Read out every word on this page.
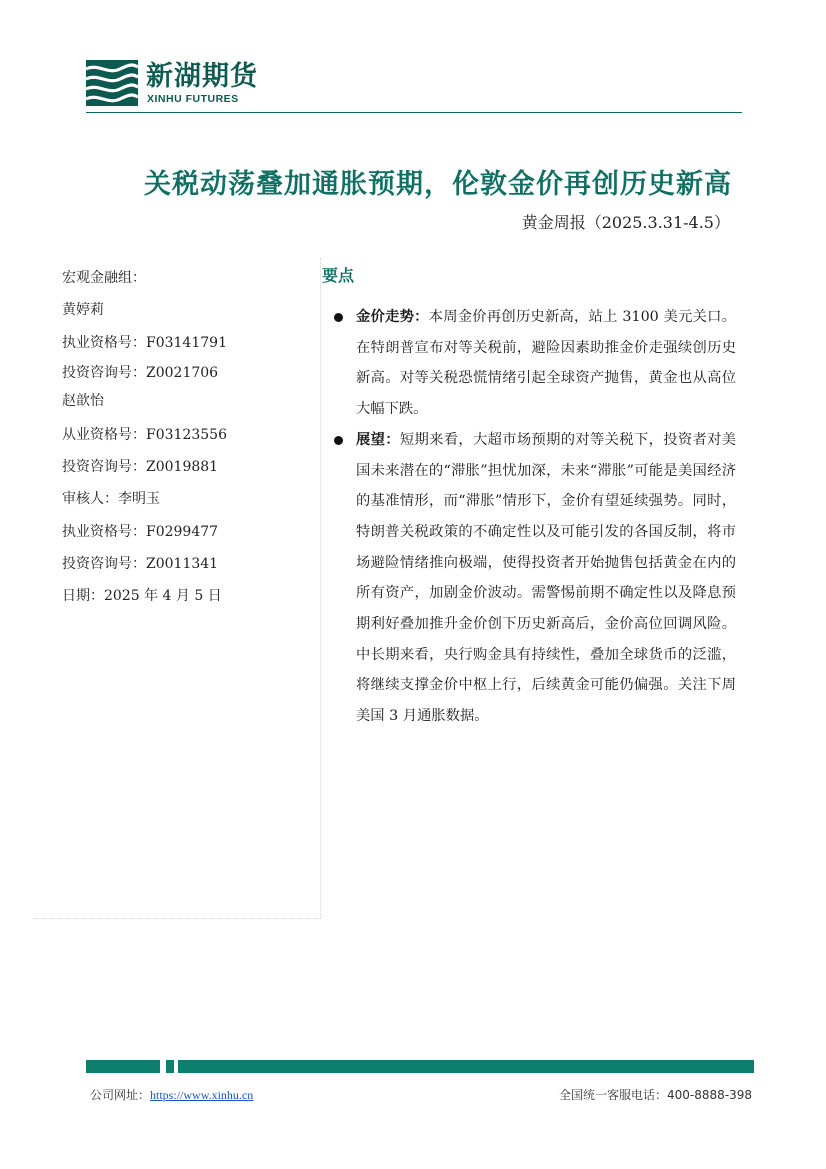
新湖期货
XINHU FUTURES
关税动荡叠加通胀预期，伦敦金价再创历史新高
黄金周报（2025.3.31-4.5）
宏观金融组：
黄婷莉
执业资格号：F03141791
投资咨询号：Z0021706
赵歆怡
从业资格号：F03123556
投资咨询号：Z0019881
审核人：李明玉
执业资格号：F0299477
投资咨询号：Z0011341
日期：2025 年 4 月 5 日
要点
金价走势：本周金价再创历史新高，站上 3100 美元关口。在特朗普宣布对等关税前，避险因素助推金价走强续创历史新高。对等关税恐慌情绪引起全球资产抛售，黄金也从高位大幅下跌。
展望：短期来看，大超市场预期的对等关税下，投资者对美国未来潜在的“滞胀”担忧加深，未来“滞胀”可能是美国经济的基准情形，而“滞胀”情形下，金价有望延续强势。同时，特朗普关税政策的不确定性以及可能引发的各国反制，将市场避险情绪推向极端，使得投资者开始抛售包括黄金在内的所有资产，加剧金价波动。需警惕前期不确定性以及降息预期利好叠加推升金价创下历史新高后，金价高位回调风险。中长期来看，央行购金具有持续性，叠加全球货币的泛滥，将继续支撑金价中枢上行，后续黄金可能仍偏强。关注下周美国 3 月通胀数据。
公司网址：https://www.xinhu.cn	全国统一客服电话：400-8888-398
